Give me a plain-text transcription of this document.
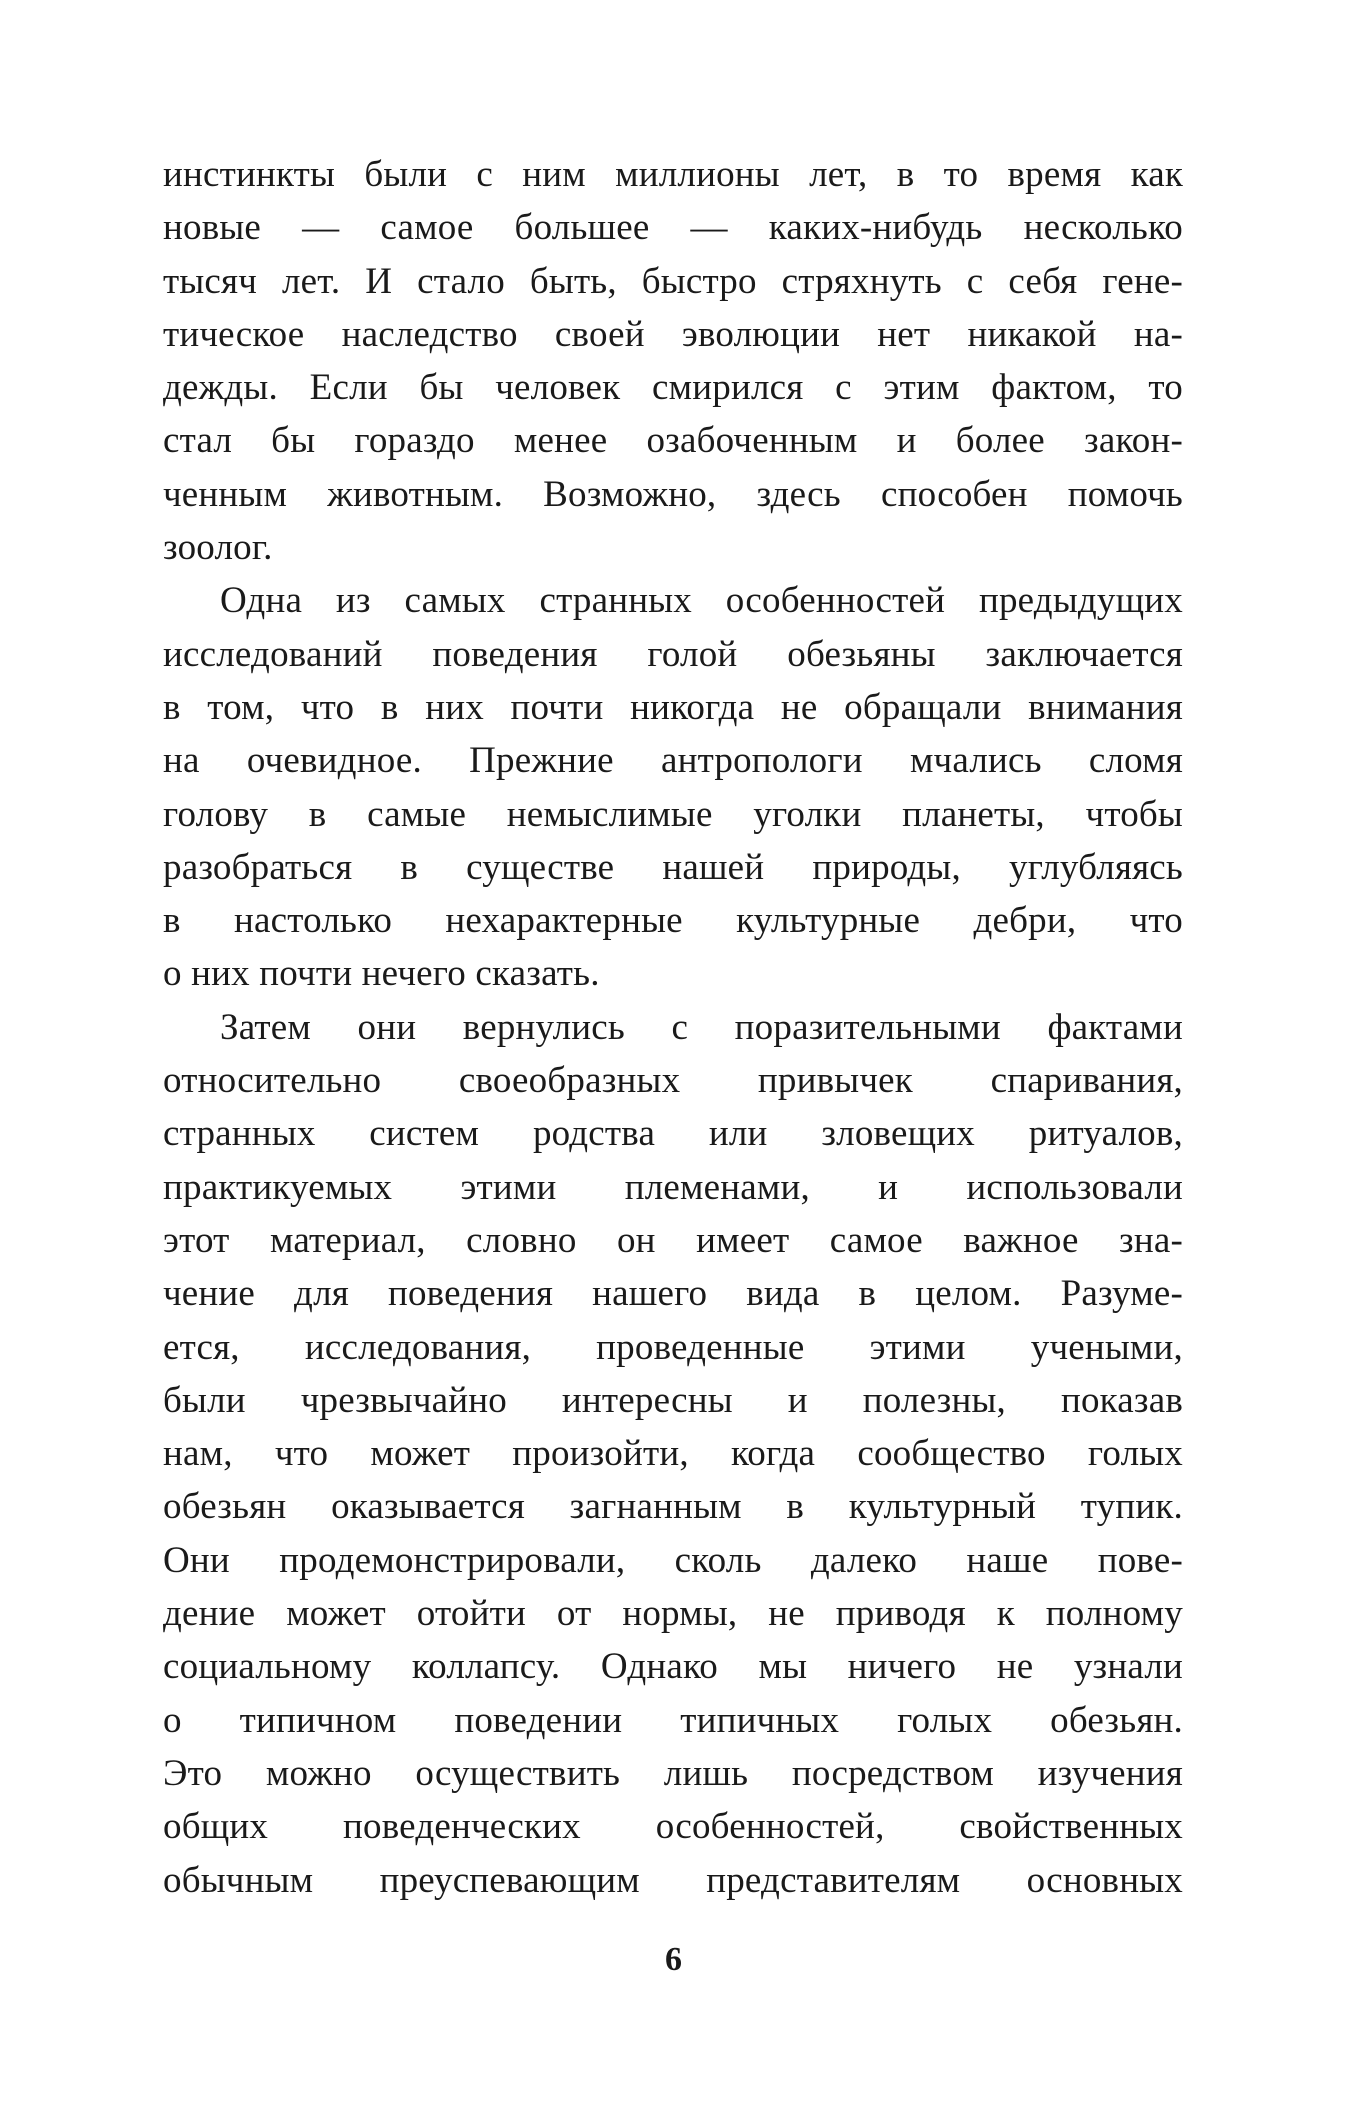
инстинкты были с ним миллионы лет, в то время как
новые — самое большее — каких-нибудь несколько
тысяч лет. И стало быть, быстро стряхнуть с себя гене-
тическое наследство своей эволюции нет никакой на-
дежды. Если бы человек смирился с этим фактом, то
стал бы гораздо менее озабоченным и более закон-
ченным животным. Возможно, здесь способен помочь
зоолог.
Одна из самых странных особенностей предыдущих
исследований поведения голой обезьяны заключается
в том, что в них почти никогда не обращали внимания
на очевидное. Прежние антропологи мчались сломя
голову в самые немыслимые уголки планеты, чтобы
разобраться в существе нашей природы, углубляясь
в настолько нехарактерные культурные дебри, что
о них почти нечего сказать.
Затем они вернулись с поразительными фактами
относительно своеобразных привычек спаривания,
странных систем родства или зловещих ритуалов,
практикуемых этими племенами, и использовали
этот материал, словно он имеет самое важное зна-
чение для поведения нашего вида в целом. Разуме-
ется, исследования, проведенные этими учеными,
были чрезвычайно интересны и полезны, показав
нам, что может произойти, когда сообщество голых
обезьян оказывается загнанным в культурный тупик.
Они продемонстрировали, сколь далеко наше пове-
дение может отойти от нормы, не приводя к полному
социальному коллапсу. Однако мы ничего не узнали
о типичном поведении типичных голых обезьян.
Это можно осуществить лишь посредством изучения
общих поведенческих особенностей, свойственных
обычным преуспевающим представителям основных
6
